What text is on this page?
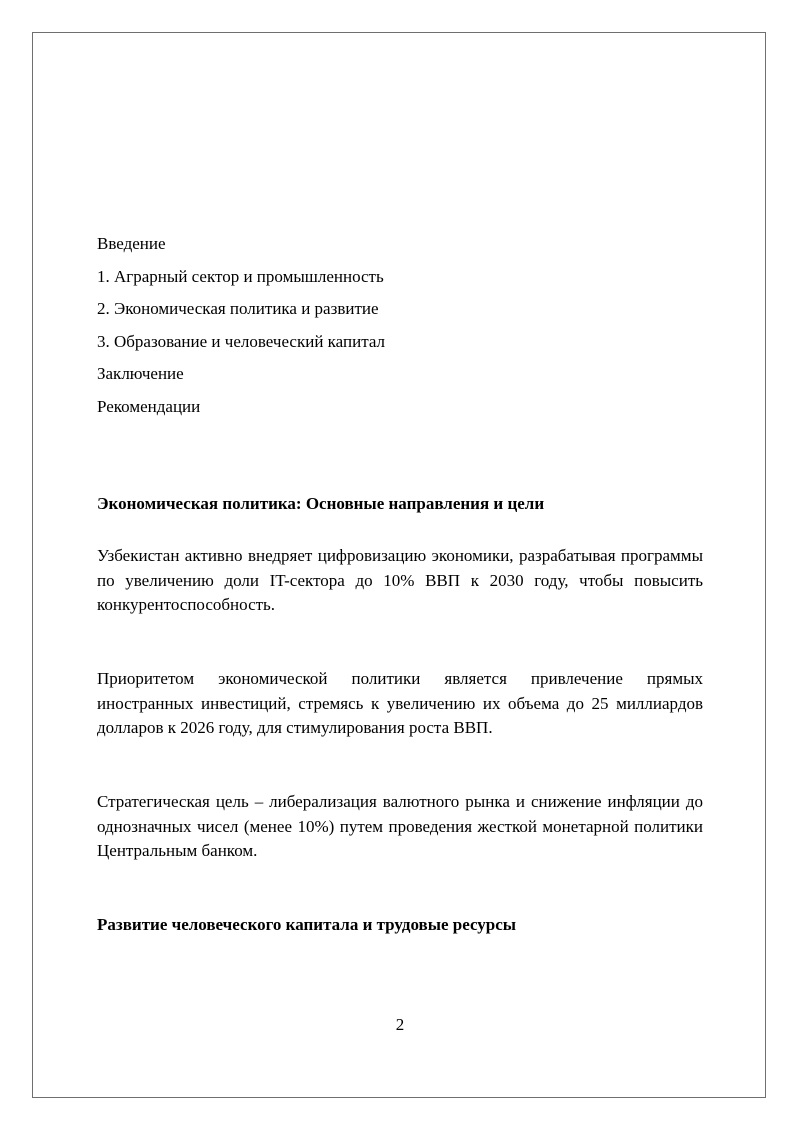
Введение
1. Аграрный сектор и промышленность
2. Экономическая политика и развитие
3. Образование и человеческий капитал
Заключение
Рекомендации
Экономическая политика: Основные направления и цели

Узбекистан активно внедряет цифровизацию экономики, разрабатывая программы по увеличению доли IT-сектора до 10% ВВП к 2030 году, чтобы повысить конкурентоспособность.

Приоритетом экономической политики является привлечение прямых иностранных инвестиций, стремясь к увеличению их объема до 25 миллиардов долларов к 2026 году, для стимулирования роста ВВП.

Стратегическая цель – либерализация валютного рынка и снижение инфляции до однозначных чисел (менее 10%) путем проведения жесткой монетарной политики Центральным банком.

Развитие человеческого капитала и трудовые ресурсы
2
